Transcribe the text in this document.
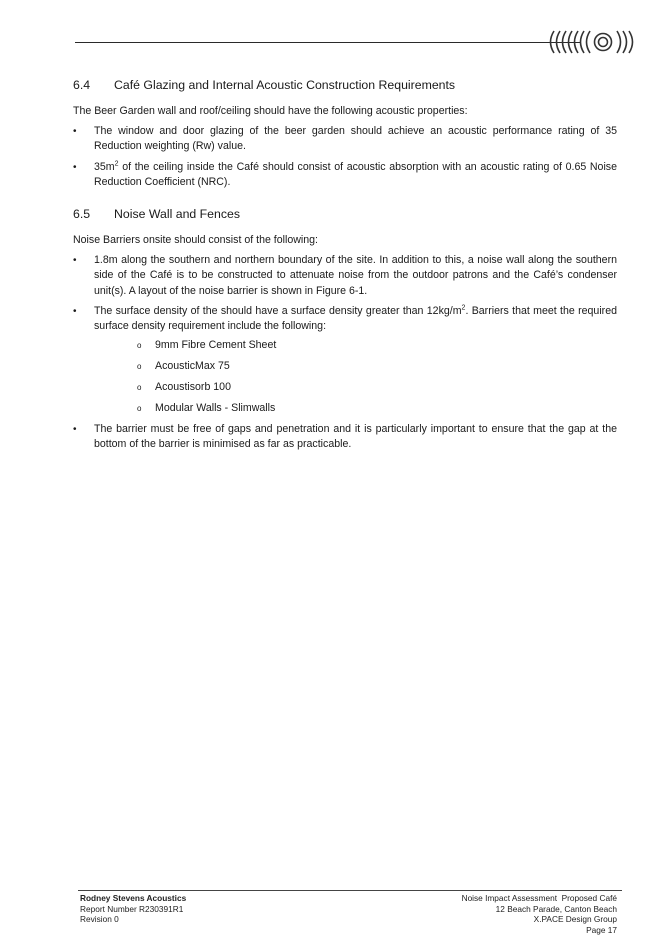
6.4	Café Glazing and Internal Acoustic Construction Requirements

The Beer Garden wall and roof/ceiling should have the following acoustic properties:

• The window and door glazing of the beer garden should achieve an acoustic performance rating of 35 Reduction weighting (Rw) value.
• $35m^2$ of the ceiling inside the Café should consist of acoustic absorption with an acoustic rating of 0.65 Noise Reduction Coefficient (NRC).
6.5	Noise Wall and Fences

Noise Barriers onsite should consist of the following:

• 1.8m along the southern and northern boundary of the site. In addition to this, a noise wall along the southern side of the Café is to be constructed to attenuate noise from the outdoor patrons and the Café’s condenser unit(s). A layout of the noise barrier is shown in Figure 6-1.
• The surface density of the should have a surface density greater than $12kg/m^2$. Barriers that meet the required surface density requirement include the following:
o 9mm Fibre Cement Sheet
o AcousticMax 75
o Acoustisorb 100
o Modular Walls - Slimwalls
• The barrier must be free of gaps and penetration and it is particularly important to ensure that the gap at the bottom of the barrier is minimised as far as practicable.
Rodney Stevens Acoustics
Report Number R230391R1
Revision 0
Noise Impact Assessment  Proposed Café
12 Beach Parade, Canton Beach
X.PACE Design Group
Page 17
